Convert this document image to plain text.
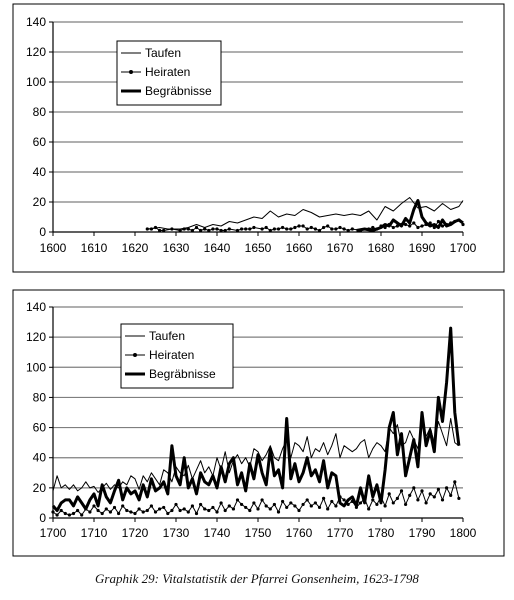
0
20
40
60
80
100
120
140
1600 1610 1620 1630 1640 1650 1660 1670 1680 1690 1700
Taufen
Heiraten
Begräbnisse
0
20
40
60
80
100
120
140
1700 1710 1720 1730 1740 1750 1760 1770 1780 1790 1800
Taufen
Heiraten
Begräbnisse
Graphik 29: Vitalstatistik der Pfarrei Gonsenheim, 1623-1798
